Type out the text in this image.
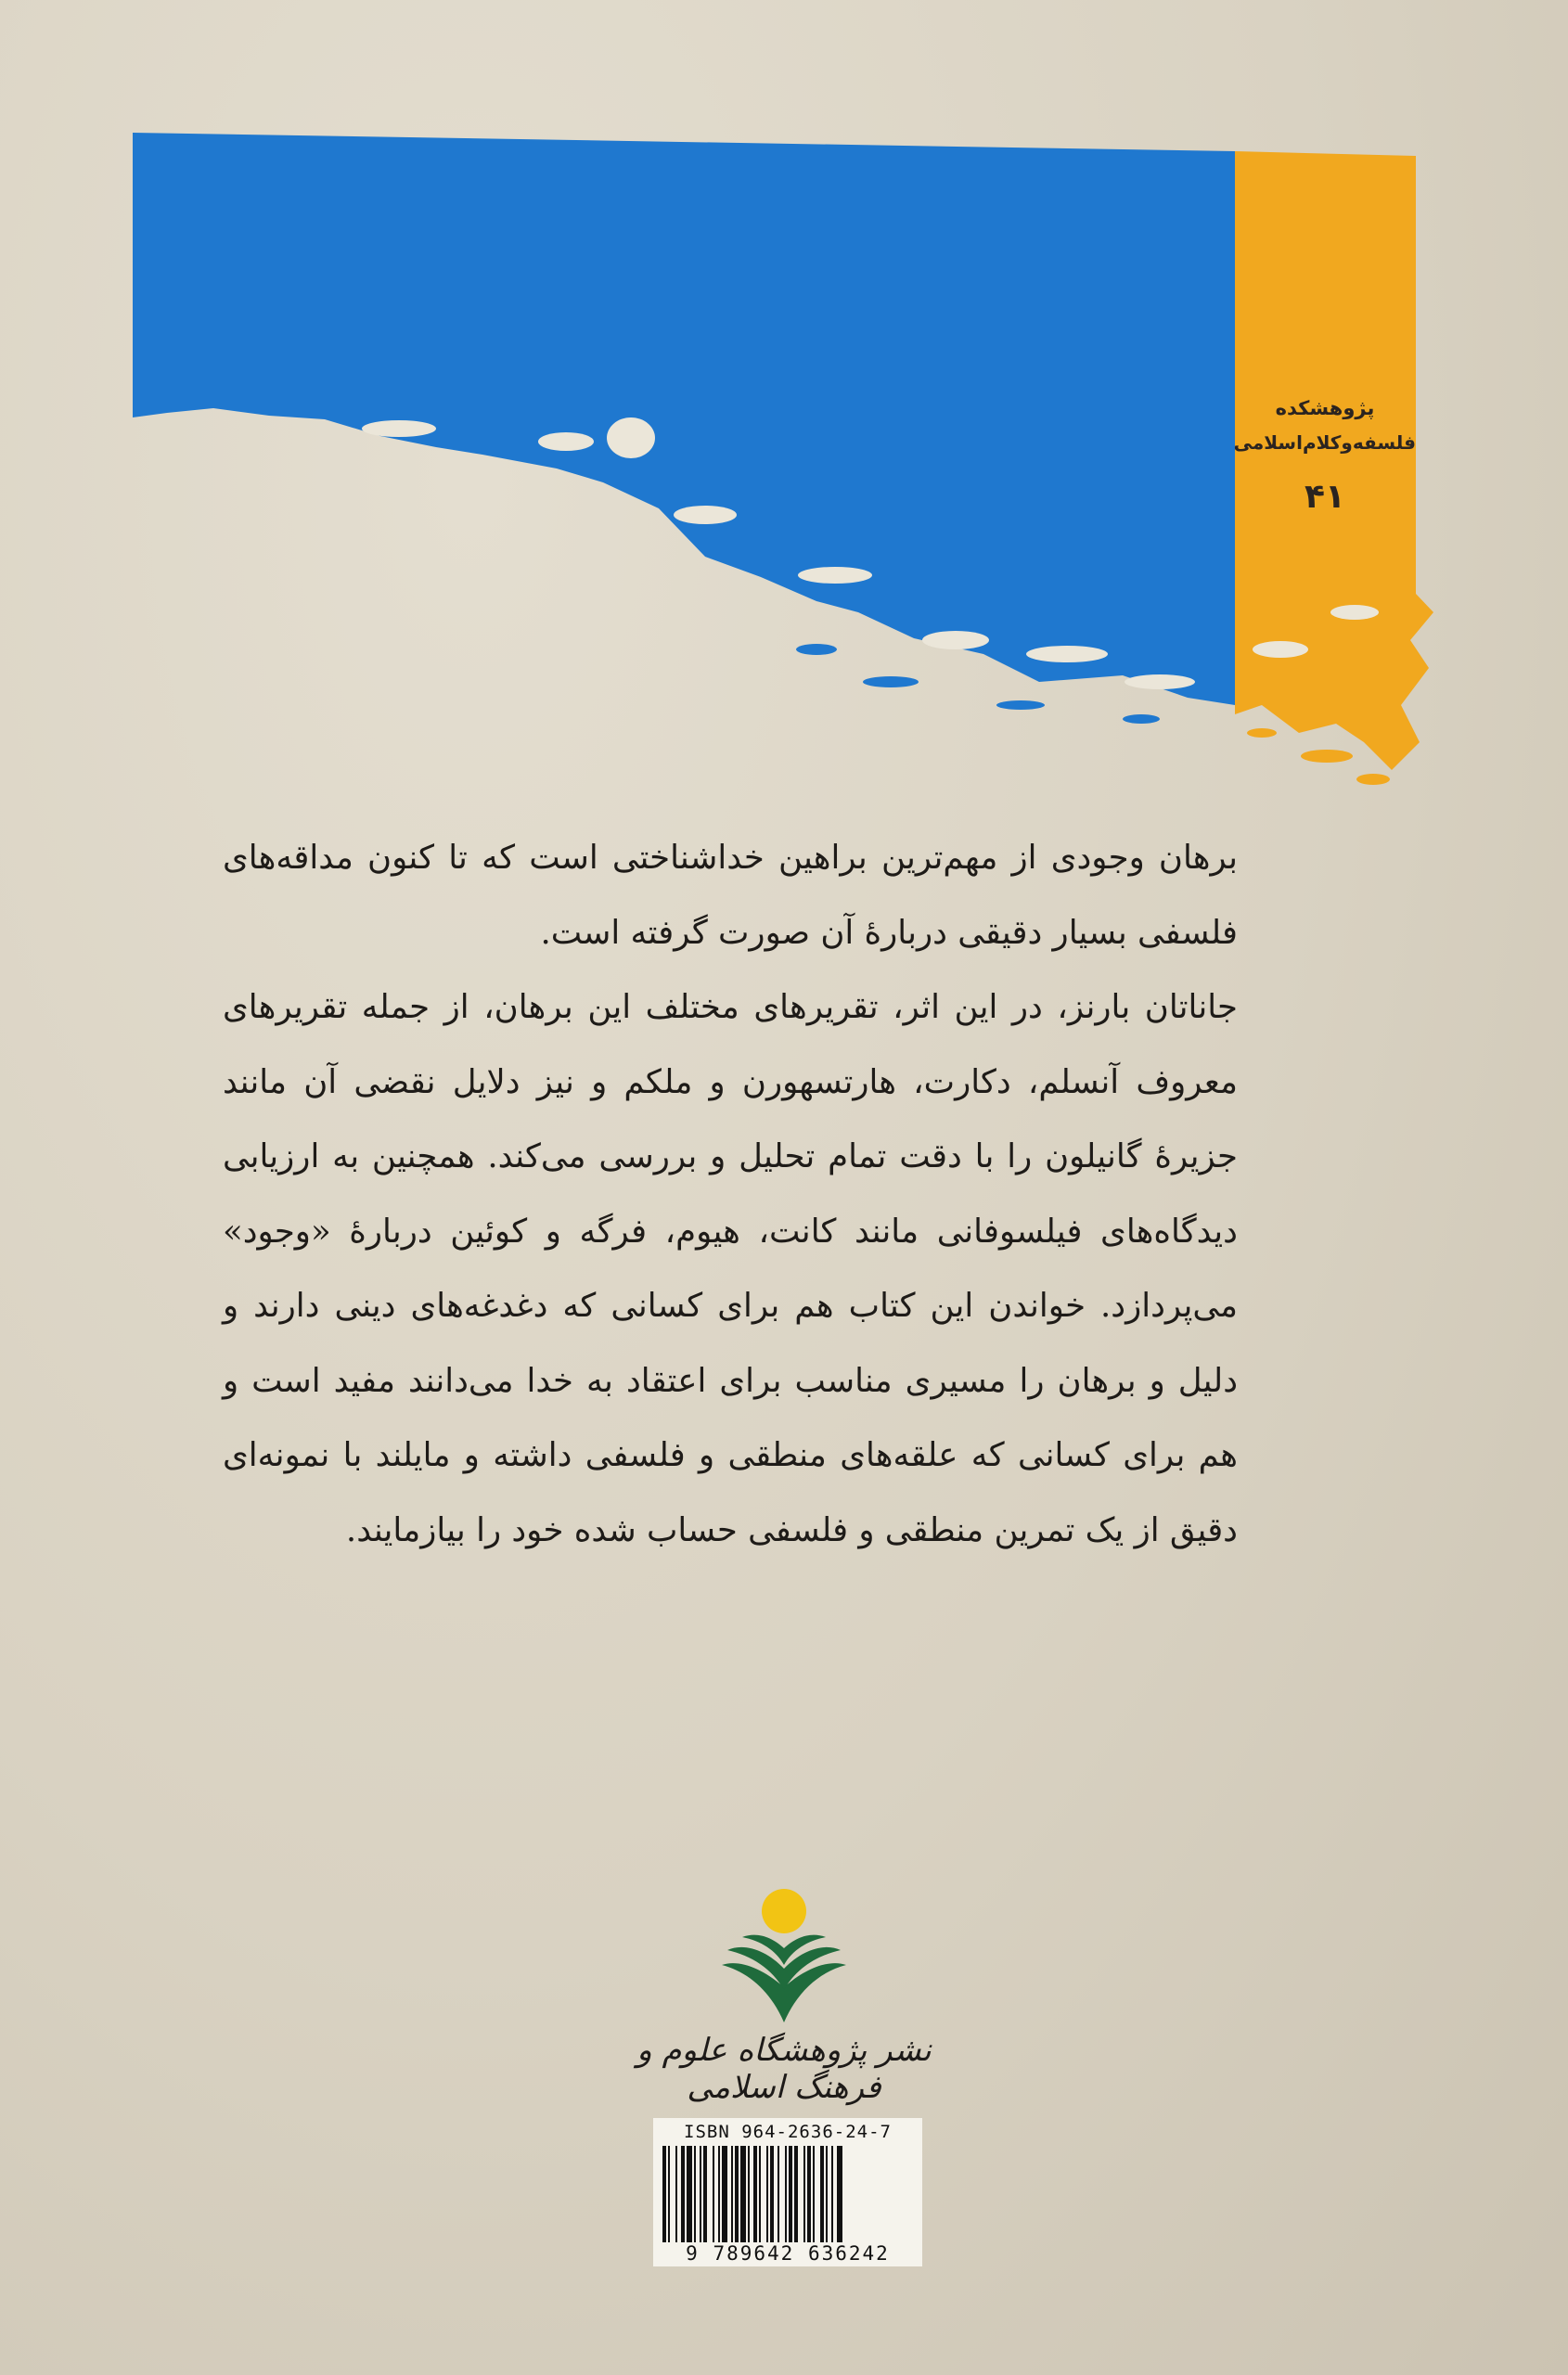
پژوهشکده
فلسفه‌وکلام‌اسلامی
۴۱

برهان وجودی از مهم‌ترین براهین خداشناختی است که تا کنون مداقه‌های فلسفی بسیار دقیقی دربارهٔ آن صورت گرفته است.

جاناتان بارنز، در این اثر، تقریرهای مختلف این برهان، از جمله تقریرهای معروف آنسلم، دکارت، هارتسهورن و ملکم و نیز دلایل نقضی آن مانند جزیرهٔ گانیلون را با دقت تمام تحلیل و بررسی می‌کند. همچنین به ارزیابی دیدگاه‌های فیلسوفانی مانند کانت، هیوم، فرگه و کوئین دربارهٔ «وجود» می‌پردازد. خواندن این کتاب هم برای کسانی که دغدغه‌های دینی دارند و دلیل و برهان را مسیری مناسب برای اعتقاد به خدا می‌دانند مفید است و هم برای کسانی که علقه‌های منطقی و فلسفی داشته و مایلند با نمونه‌ای دقیق از یک تمرین منطقی و فلسفی حساب شده خود را بیازمایند.

نشر پژوهشگاه علوم و فرهنگ اسلامی
ISBN 964-2636-24-7
9 789642 636242
